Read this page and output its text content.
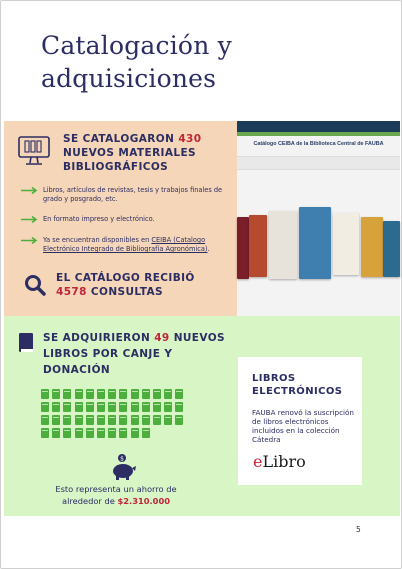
Catalogación y adquisiciones
SE CATALOGARON 430 NUEVOS MATERIALES BIBLIOGRÁFICOS
Libros, artículos de revistas, tesis y trabajos finales de grado y posgrado, etc.
En formato impreso y electrónico.
Ya se encuentran disponibles en CEIBA (Catalogo Electrónico Integrado de Bibliografía Agronómica).
EL CATÁLOGO RECIBIÓ
4578 CONSULTAS
Catálogo CEIBA de la Biblioteca Central de FAUBA
SE ADQUIRIERON 49 NUEVOS LIBROS POR CANJE Y DONACIÓN
$
Esto representa un ahorro de alrededor de $2.310.000
LIBROS ELECTRÓNICOS
FAUBA renovó la suscripción de libros electrónicos incluidos en la colección Cátedra
eLibro
5
